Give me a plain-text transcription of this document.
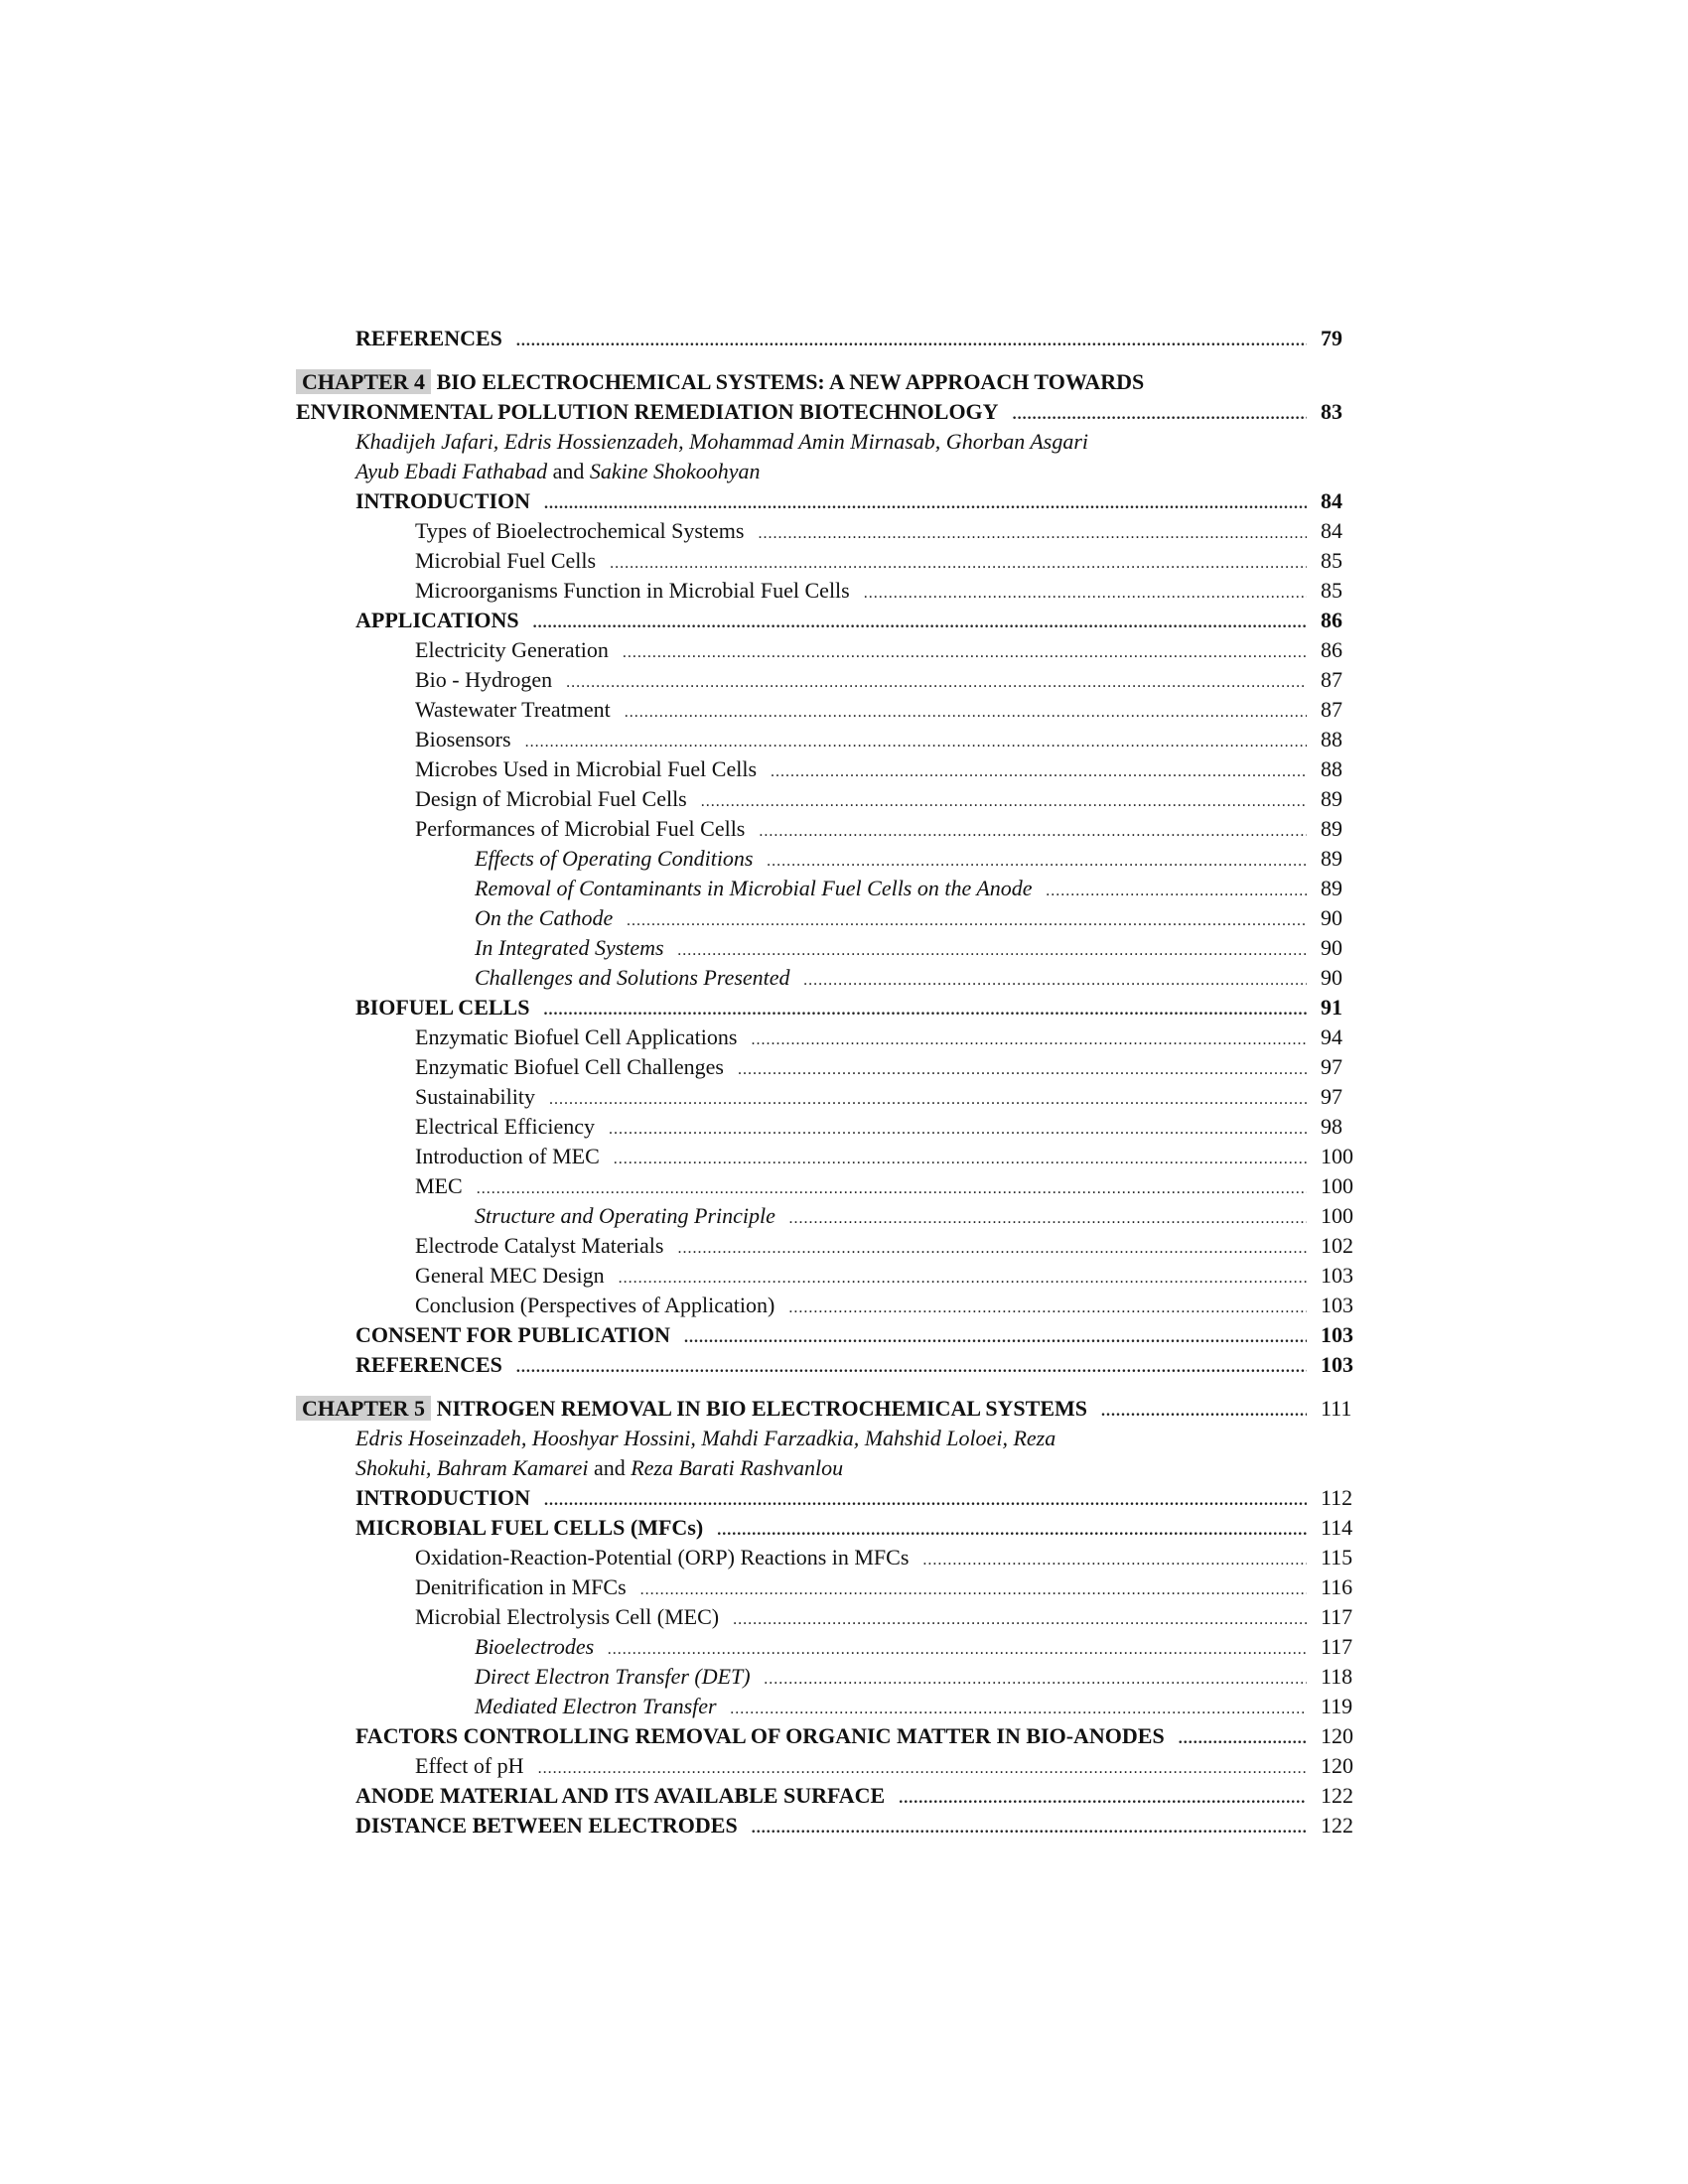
REFERENCES .....	79
CHAPTER 4 BIO ELECTROCHEMICAL SYSTEMS: A NEW APPROACH TOWARDS
ENVIRONMENTAL POLLUTION REMEDIATION BIOTECHNOLOGY .....	83
Khadijeh Jafari, Edris Hossienzadeh, Mohammad Amin Mirnasab, Ghorban Asgari
Ayub Ebadi Fathabad and Sakine Shokoohyan
INTRODUCTION .....	84
Types of Bioelectrochemical Systems .....	84
Microbial Fuel Cells .....	85
Microorganisms Function in Microbial Fuel Cells .....	85
APPLICATIONS .....	86
Electricity Generation .....	86
Bio - Hydrogen .....	87
Wastewater Treatment .....	87
Biosensors .....	88
Microbes Used in Microbial Fuel Cells .....	88
Design of Microbial Fuel Cells .....	89
Performances of Microbial Fuel Cells .....	89
Effects of Operating Conditions .....	89
Removal of Contaminants in Microbial Fuel Cells on the Anode .....	89
On the Cathode .....	90
In Integrated Systems .....	90
Challenges and Solutions Presented .....	90
BIOFUEL CELLS .....	91
Enzymatic Biofuel Cell Applications .....	94
Enzymatic Biofuel Cell Challenges .....	97
Sustainability .....	97
Electrical Efficiency .....	98
Introduction of MEC .....	100
MEC .....	100
Structure and Operating Principle .....	100
Electrode Catalyst Materials .....	102
General MEC Design .....	103
Conclusion (Perspectives of Application) .....	103
CONSENT FOR PUBLICATION .....	103
REFERENCES .....	103
CHAPTER 5 NITROGEN REMOVAL IN BIO ELECTROCHEMICAL SYSTEMS .....	111
Edris Hoseinzadeh, Hooshyar Hossini, Mahdi Farzadkia, Mahshid Loloei, Reza
Shokuhi, Bahram Kamarei and Reza Barati Rashvanlou
INTRODUCTION .....	112
MICROBIAL FUEL CELLS (MFCs) .....	114
Oxidation-Reaction-Potential (ORP) Reactions in MFCs .....	115
Denitrification in MFCs .....	116
Microbial Electrolysis Cell (MEC) .....	117
Bioelectrodes .....	117
Direct Electron Transfer (DET) .....	118
Mediated Electron Transfer .....	119
FACTORS CONTROLLING REMOVAL OF ORGANIC MATTER IN BIO-ANODES .....	120
Effect of pH .....	120
ANODE MATERIAL AND ITS AVAILABLE SURFACE .....	122
DISTANCE BETWEEN ELECTRODES .....	122
